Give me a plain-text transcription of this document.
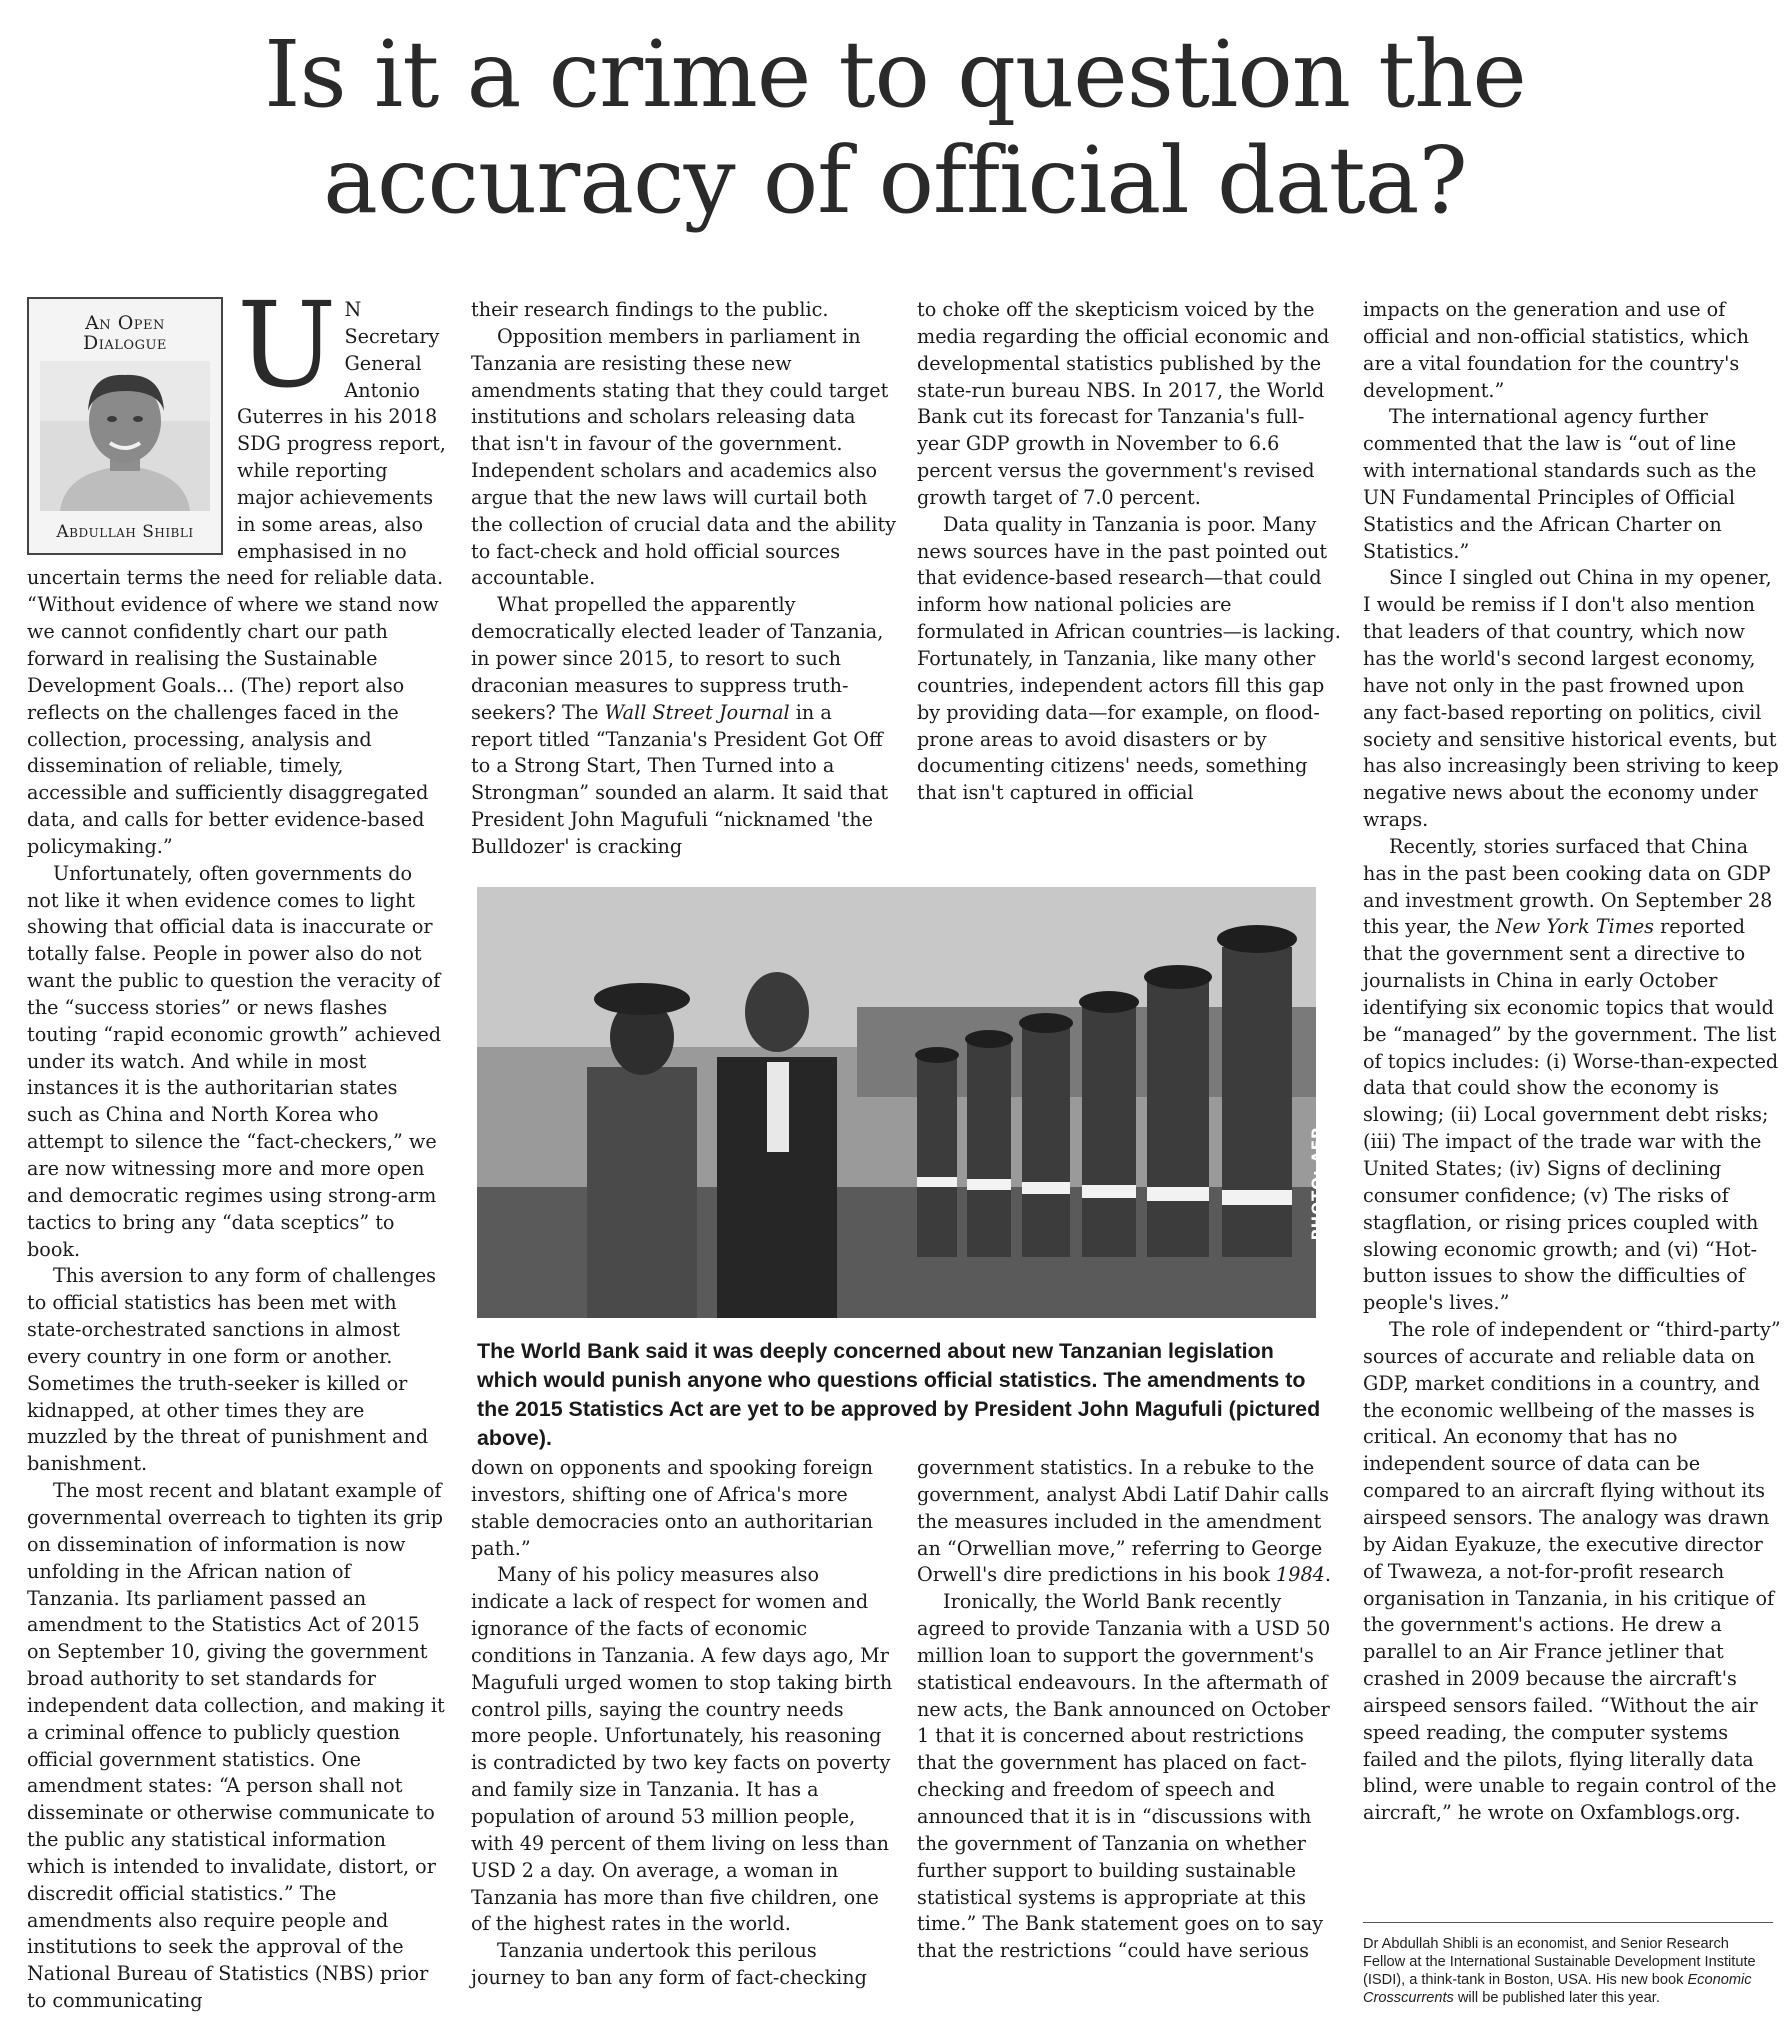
Is it a crime to question the
accuracy of official data?
An Open
Dialogue
Abdullah Shibli
U N Secretary General Antonio Guterres in his 2018 SDG progress report, while reporting major achievements in some areas, also emphasised in no uncertain terms the need for reliable data. “Without evidence of where we stand now we cannot confidently chart our path forward in realising the Sustainable Development Goals... (The) report also reflects on the challenges faced in the collection, processing, analysis and dissemination of reliable, timely, accessible and sufficiently disaggregated data, and calls for better evidence-based policymaking.”

Unfortunately, often governments do not like it when evidence comes to light showing that official data is inaccurate or totally false. People in power also do not want the public to question the veracity of the “success stories” or news flashes touting “rapid economic growth” achieved under its watch. And while in most instances it is the authoritarian states such as China and North Korea who attempt to silence the “fact-checkers,” we are now witnessing more and more open and democratic regimes using strong-arm tactics to bring any “data sceptics” to book.

This aversion to any form of challenges to official statistics has been met with state-orchestrated sanctions in almost every country in one form or another. Sometimes the truth-seeker is killed or kidnapped, at other times they are muzzled by the threat of punishment and banishment.

The most recent and blatant example of governmental overreach to tighten its grip on dissemination of information is now unfolding in the African nation of Tanzania. Its parliament passed an amendment to the Statistics Act of 2015 on September 10, giving the government broad authority to set standards for independent data collection, and making it a criminal offence to publicly question official government statistics. One amendment states: “A person shall not disseminate or otherwise communicate to the public any statistical information which is intended to invalidate, distort, or discredit official statistics.” The amendments also require people and institutions to seek the approval of the National Bureau of Statistics (NBS) prior to communicating

their research findings to the public.

Opposition members in parliament in Tanzania are resisting these new amendments stating that they could target institutions and scholars releasing data that isn't in favour of the government. Independent scholars and academics also argue that the new laws will curtail both the collection of crucial data and the ability to fact-check and hold official sources accountable.

What propelled the apparently democratically elected leader of Tanzania, in power since 2015, to resort to such draconian measures to suppress truth-seekers? The Wall Street Journal in a report titled “Tanzania's President Got Off to a Strong Start, Then Turned into a Strongman” sounded an alarm. It said that President John Magufuli “nicknamed 'the Bulldozer' is cracking

to choke off the skepticism voiced by the media regarding the official economic and developmental statistics published by the state-run bureau NBS. In 2017, the World Bank cut its forecast for Tanzania's full-year GDP growth in November to 6.6 percent versus the government's revised growth target of 7.0 percent.

Data quality in Tanzania is poor. Many news sources have in the past pointed out that evidence-based research—that could inform how national policies are formulated in African countries—is lacking. Fortunately, in Tanzania, like many other countries, independent actors fill this gap by providing data—for example, on flood-prone areas to avoid disasters or by documenting citizens' needs, something that isn't captured in official

PHOTO: AFP
The World Bank said it was deeply concerned about new Tanzanian legislation which would punish anyone who questions official statistics. The amendments to the 2015 Statistics Act are yet to be approved by President John Magufuli (pictured above).

down on opponents and spooking foreign investors, shifting one of Africa's more stable democracies onto an authoritarian path.”

Many of his policy measures also indicate a lack of respect for women and ignorance of the facts of economic conditions in Tanzania. A few days ago, Mr Magufuli urged women to stop taking birth control pills, saying the country needs more people. Unfortunately, his reasoning is contradicted by two key facts on poverty and family size in Tanzania. It has a population of around 53 million people, with 49 percent of them living on less than USD 2 a day. On average, a woman in Tanzania has more than five children, one of the highest rates in the world.

Tanzania undertook this perilous journey to ban any form of fact-checking

government statistics. In a rebuke to the government, analyst Abdi Latif Dahir calls the measures included in the amendment an “Orwellian move,” referring to George Orwell's dire predictions in his book 1984.

Ironically, the World Bank recently agreed to provide Tanzania with a USD 50 million loan to support the government's statistical endeavours. In the aftermath of new acts, the Bank announced on October 1 that it is concerned about restrictions that the government has placed on fact-checking and freedom of speech and announced that it is in “discussions with the government of Tanzania on whether further support to building sustainable statistical systems is appropriate at this time.” The Bank statement goes on to say that the restrictions “could have serious

impacts on the generation and use of official and non-official statistics, which are a vital foundation for the country's development.”

The international agency further commented that the law is “out of line with international standards such as the UN Fundamental Principles of Official Statistics and the African Charter on Statistics.”

Since I singled out China in my opener, I would be remiss if I don't also mention that leaders of that country, which now has the world's second largest economy, have not only in the past frowned upon any fact-based reporting on politics, civil society and sensitive historical events, but has also increasingly been striving to keep negative news about the economy under wraps.

Recently, stories surfaced that China has in the past been cooking data on GDP and investment growth. On September 28 this year, the New York Times reported that the government sent a directive to journalists in China in early October identifying six economic topics that would be “managed” by the government. The list of topics includes: (i) Worse-than-expected data that could show the economy is slowing; (ii) Local government debt risks; (iii) The impact of the trade war with the United States; (iv) Signs of declining consumer confidence; (v) The risks of stagflation, or rising prices coupled with slowing economic growth; and (vi) “Hot-button issues to show the difficulties of people's lives.”

The role of independent or “third-party” sources of accurate and reliable data on GDP, market conditions in a country, and the economic wellbeing of the masses is critical. An economy that has no independent source of data can be compared to an aircraft flying without its airspeed sensors. The analogy was drawn by Aidan Eyakuze, the executive director of Twaweza, a not-for-profit research organisation in Tanzania, in his critique of the government's actions. He drew a parallel to an Air France jetliner that crashed in 2009 because the aircraft's airspeed sensors failed. “Without the air speed reading, the computer systems failed and the pilots, flying literally data blind, were unable to regain control of the aircraft,” he wrote on Oxfamblogs.org.

Dr Abdullah Shibli is an economist, and Senior Research Fellow at the International Sustainable Development Institute (ISDI), a think-tank in Boston, USA. His new book Economic Crosscurrents will be published later this year.
